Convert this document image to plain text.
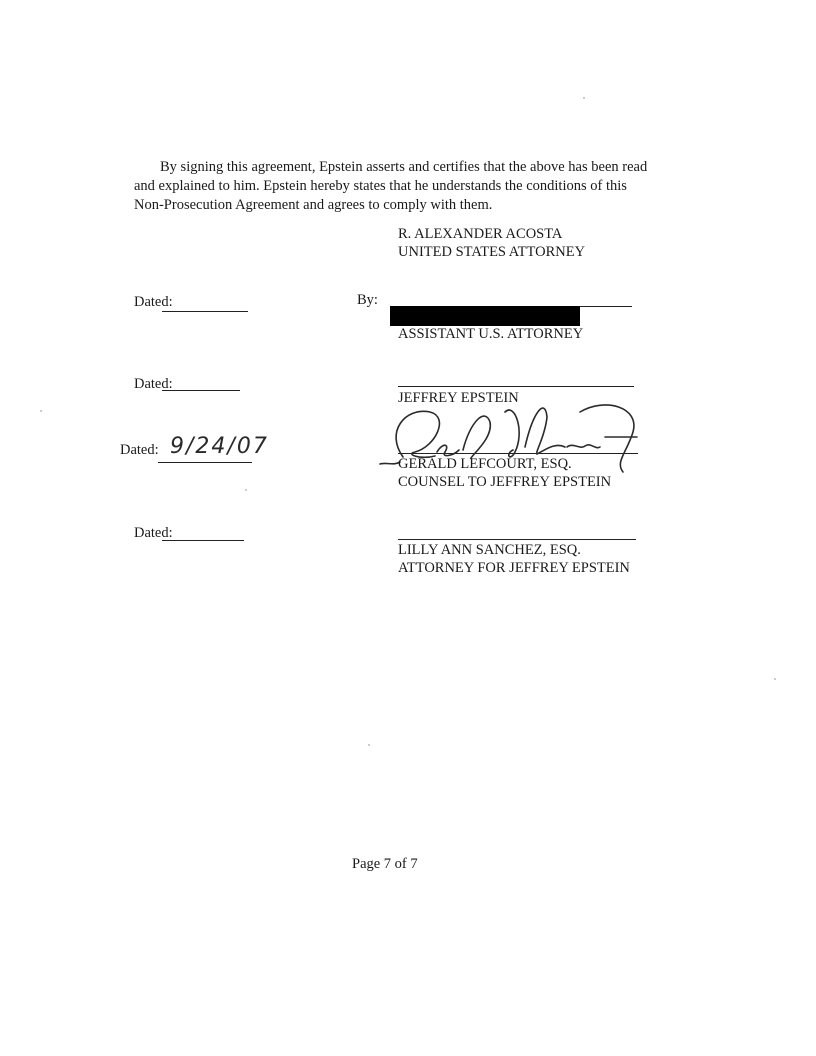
By signing this agreement, Epstein asserts and certifies that the above has been read and explained to him. Epstein hereby states that he understands the conditions of this Non-Prosecution Agreement and agrees to comply with them.

R. ALEXANDER ACOSTA
UNITED STATES ATTORNEY
Dated:	By:
ASSISTANT U.S. ATTORNEY
Dated:
JEFFREY EPSTEIN
Dated: 9/24/07
GERALD LEFCOURT, ESQ.
COUNSEL TO JEFFREY EPSTEIN
Dated:
LILLY ANN SANCHEZ, ESQ.
ATTORNEY FOR JEFFREY EPSTEIN
Page 7 of 7
